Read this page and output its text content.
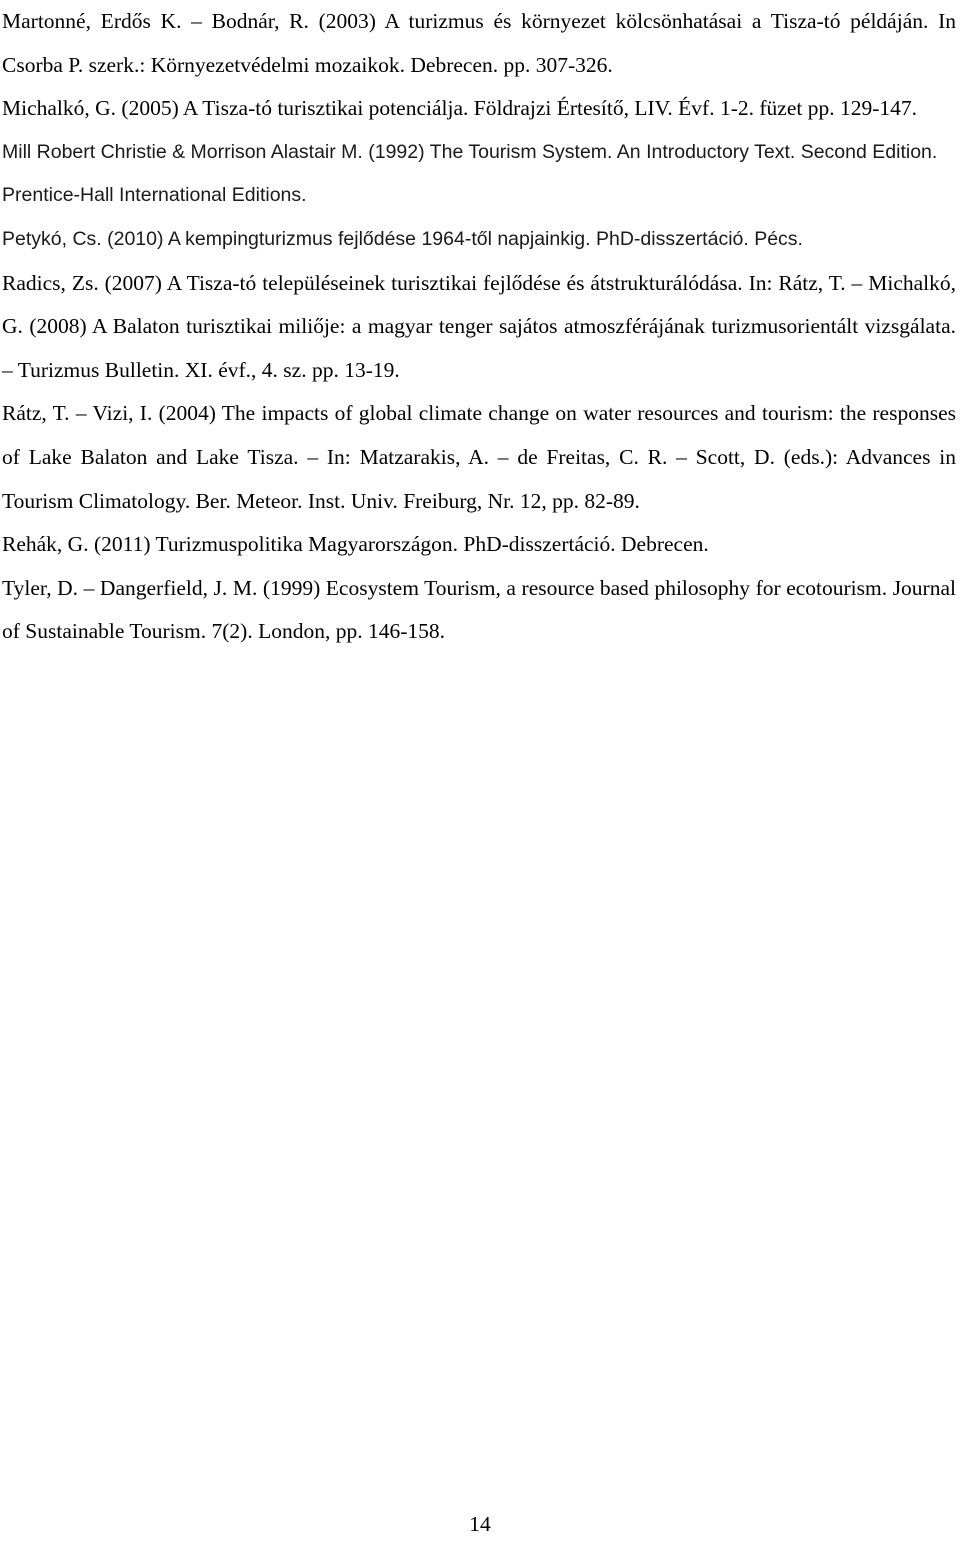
Martonné, Erdős K. – Bodnár, R. (2003) A turizmus és környezet kölcsönhatásai a Tisza-tó példáján. In Csorba P. szerk.: Környezetvédelmi mozaikok. Debrecen. pp. 307-326.

Michalkó, G. (2005) A Tisza-tó turisztikai potenciálja. Földrajzi Értesítő, LIV. Évf. 1-2. füzet pp. 129-147.

Mill Robert Christie & Morrison Alastair M. (1992) The Tourism System. An Introductory Text. Second Edition. Prentice-Hall International Editions.

Petykó, Cs. (2010) A kempingturizmus fejlődése 1964-től napjainkig. PhD-disszertáció. Pécs.

Radics, Zs. (2007) A Tisza-tó településeinek turisztikai fejlődése és átstrukturálódása. In: Rátz, T. – Michalkó, G. (2008) A Balaton turisztikai miliője: a magyar tenger sajátos atmoszférájának turizmusorientált vizsgálata. – Turizmus Bulletin. XI. évf., 4. sz. pp. 13-19.

Rátz, T. – Vizi, I. (2004) The impacts of global climate change on water resources and tourism: the responses of Lake Balaton and Lake Tisza. – In: Matzarakis, A. – de Freitas, C. R. – Scott, D. (eds.): Advances in Tourism Climatology. Ber. Meteor. Inst. Univ. Freiburg, Nr. 12, pp. 82-89.

Rehák, G. (2011) Turizmuspolitika Magyarországon. PhD-disszertáció. Debrecen.

Tyler, D. – Dangerfield, J. M. (1999) Ecosystem Tourism, a resource based philosophy for ecotourism. Journal of Sustainable Tourism. 7(2). London, pp. 146-158.

14
